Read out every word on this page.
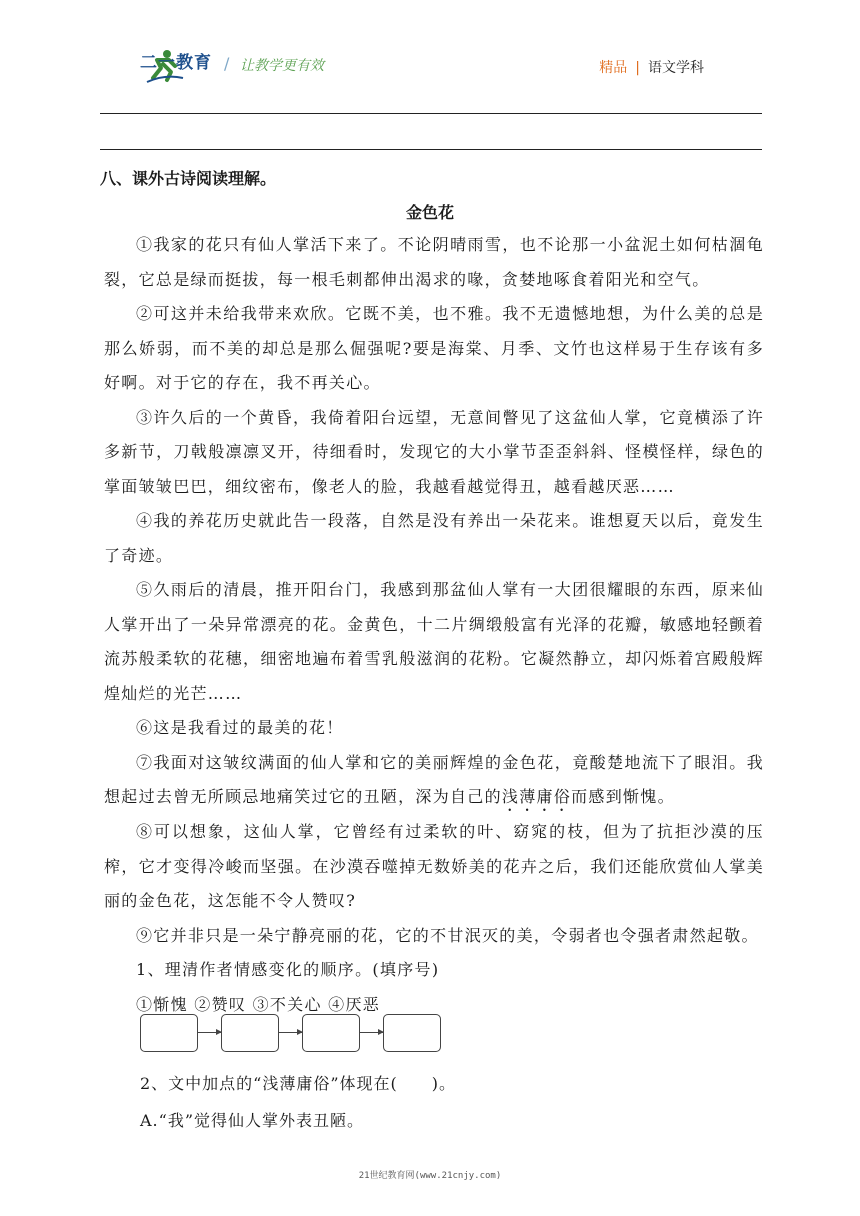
二一教育 / 让教学更有效	精品 | 语文学科
八、课外古诗阅读理解。
金色花

①我家的花只有仙人掌活下来了。不论阴晴雨雪，也不论那一小盆泥土如何枯涸龟裂，它总是绿而挺拔，每一根毛刺都伸出渴求的喙，贪婪地啄食着阳光和空气。

②可这并未给我带来欢欣。它既不美，也不雅。我不无遗憾地想，为什么美的总是那么娇弱，而不美的却总是那么倔强呢?要是海棠、月季、文竹也这样易于生存该有多好啊。对于它的存在，我不再关心。

③许久后的一个黄昏，我倚着阳台远望，无意间瞥见了这盆仙人掌，它竟横添了许多新节，刀戟般凛凛叉开，待细看时，发现它的大小掌节歪歪斜斜、怪模怪样，绿色的掌面皱皱巴巴，细纹密布，像老人的脸，我越看越觉得丑，越看越厌恶……

④我的养花历史就此告一段落，自然是没有养出一朵花来。谁想夏天以后，竟发生了奇迹。

⑤久雨后的清晨，推开阳台门，我感到那盆仙人掌有一大团很耀眼的东西，原来仙人掌开出了一朵异常漂亮的花。金黄色，十二片绸缎般富有光泽的花瓣，敏感地轻颤着流苏般柔软的花穗，细密地遍布着雪乳般滋润的花粉。它凝然静立，却闪烁着宫殿般辉煌灿烂的光芒……

⑥这是我看过的最美的花！

⑦我面对这皱纹满面的仙人掌和它的美丽辉煌的金色花，竟酸楚地流下了眼泪。我想起过去曾无所顾忌地痛笑过它的丑陋，深为自己的浅薄庸俗而感到惭愧。

⑧可以想象，这仙人掌，它曾经有过柔软的叶、窈窕的枝，但为了抗拒沙漠的压榨，它才变得冷峻而坚强。在沙漠吞噬掉无数娇美的花卉之后，我们还能欣赏仙人掌美丽的金色花，这怎能不令人赞叹?

⑨它并非只是一朵宁静亮丽的花，它的不甘泯灭的美，令弱者也令强者肃然起敬。

1、理清作者情感变化的顺序。(填序号)

①惭愧 ②赞叹 ③不关心 ④厌恶

2、文中加点的“浅薄庸俗”体现在(　　)。
A.“我”觉得仙人掌外表丑陋。
21世纪教育网(www.21cnjy.com)
